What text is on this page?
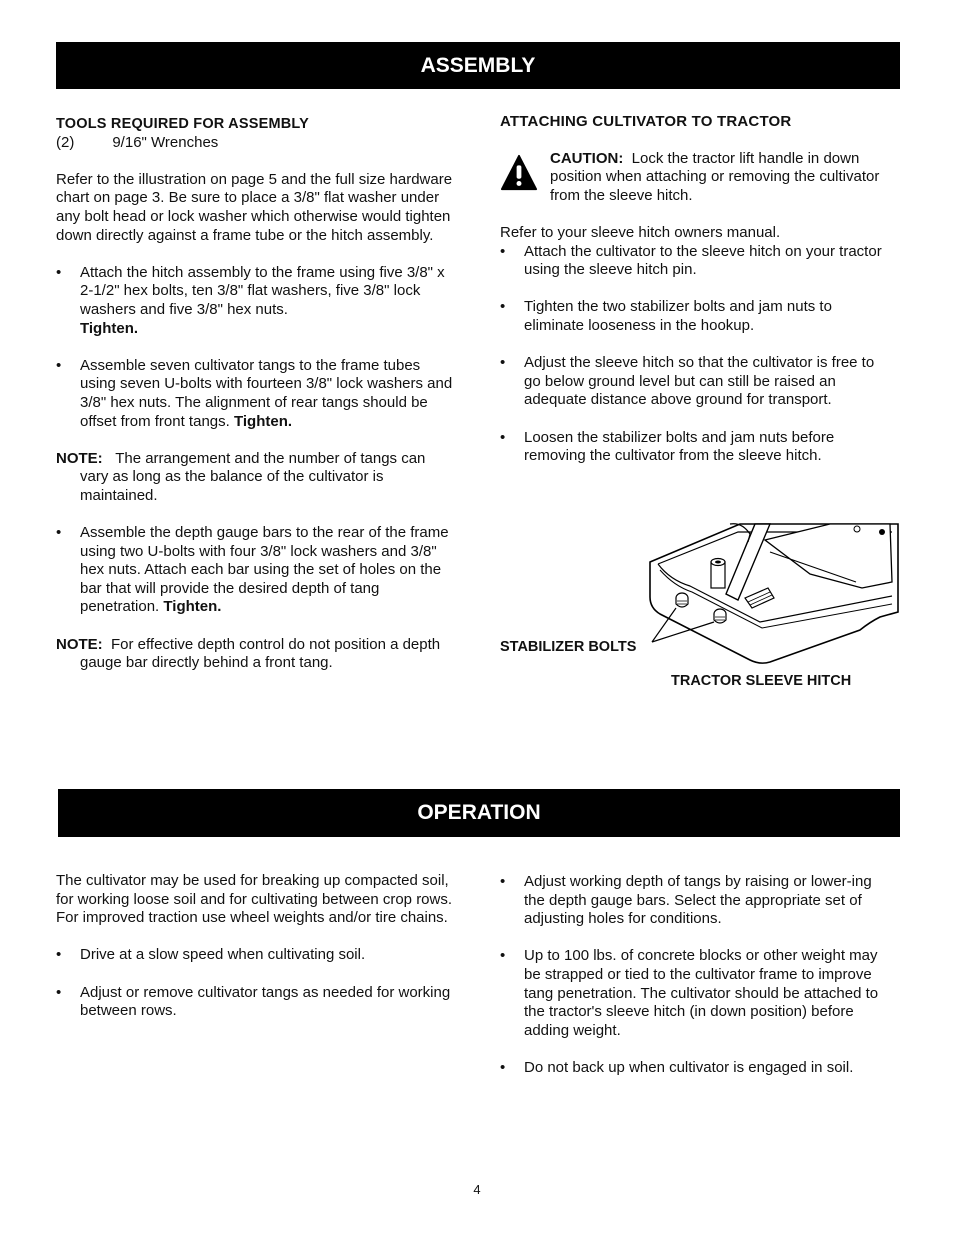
ASSEMBLY

TOOLS REQUIRED FOR ASSEMBLY

(2)	9/16" Wrenches

Refer to the illustration on page 5 and the full size hardware chart on page 3. Be sure to place a 3/8" flat washer under any bolt head or lock washer which otherwise would tighten down directly against a frame tube or the hitch assembly.

• Attach the hitch assembly to the frame using five 3/8" x 2-1/2" hex bolts, ten 3/8" flat washers, five 3/8" lock washers and five 3/8" hex nuts.
Tighten.
• Assemble seven cultivator tangs to the frame tubes using seven U-bolts with fourteen 3/8" lock washers and 3/8" hex nuts. The alignment of rear tangs should be offset from front tangs. Tighten.

NOTE: The arrangement and the number of tangs can vary as long as the balance of the cultivator is maintained.

• Assemble the depth gauge bars to the rear of the frame using two U-bolts with four 3/8" lock washers and 3/8" hex nuts. Attach each bar using the set of holes on the bar that will provide the desired depth of tang penetration. Tighten.

NOTE: For effective depth control do not position a depth gauge bar directly behind a front tang.

ATTACHING CULTIVATOR TO TRACTOR

CAUTION: Lock the tractor lift handle in down position when attaching or removing the cultivator from the sleeve hitch.

Refer to your sleeve hitch owners manual.

• Attach the cultivator to the sleeve hitch on your tractor using the sleeve hitch pin.
• Tighten the two stabilizer bolts and jam nuts to eliminate looseness in the hookup.
• Adjust the sleeve hitch so that the cultivator is free to go below ground level but can still be raised an adequate distance above ground for transport.
• Loosen the stabilizer bolts and jam nuts before removing the cultivator from the sleeve hitch.
STABILIZER BOLTS
TRACTOR SLEEVE HITCH
OPERATION

The cultivator may be used for breaking up compacted soil, for working loose soil and for cultivating between crop rows. For improved traction use wheel weights and/or tire chains.

• Drive at a slow speed when cultivating soil.
• Adjust or remove cultivator tangs as needed for working between rows.
• Adjust working depth of tangs by raising or lower-ing the depth gauge bars. Select the appropriate set of adjusting holes for conditions.
• Up to 100 lbs. of concrete blocks or other weight may be strapped or tied to the cultivator frame to improve tang penetration. The cultivator should be attached to the tractor's sleeve hitch (in down position) before adding weight.
• Do not back up when cultivator is engaged in soil.
4
